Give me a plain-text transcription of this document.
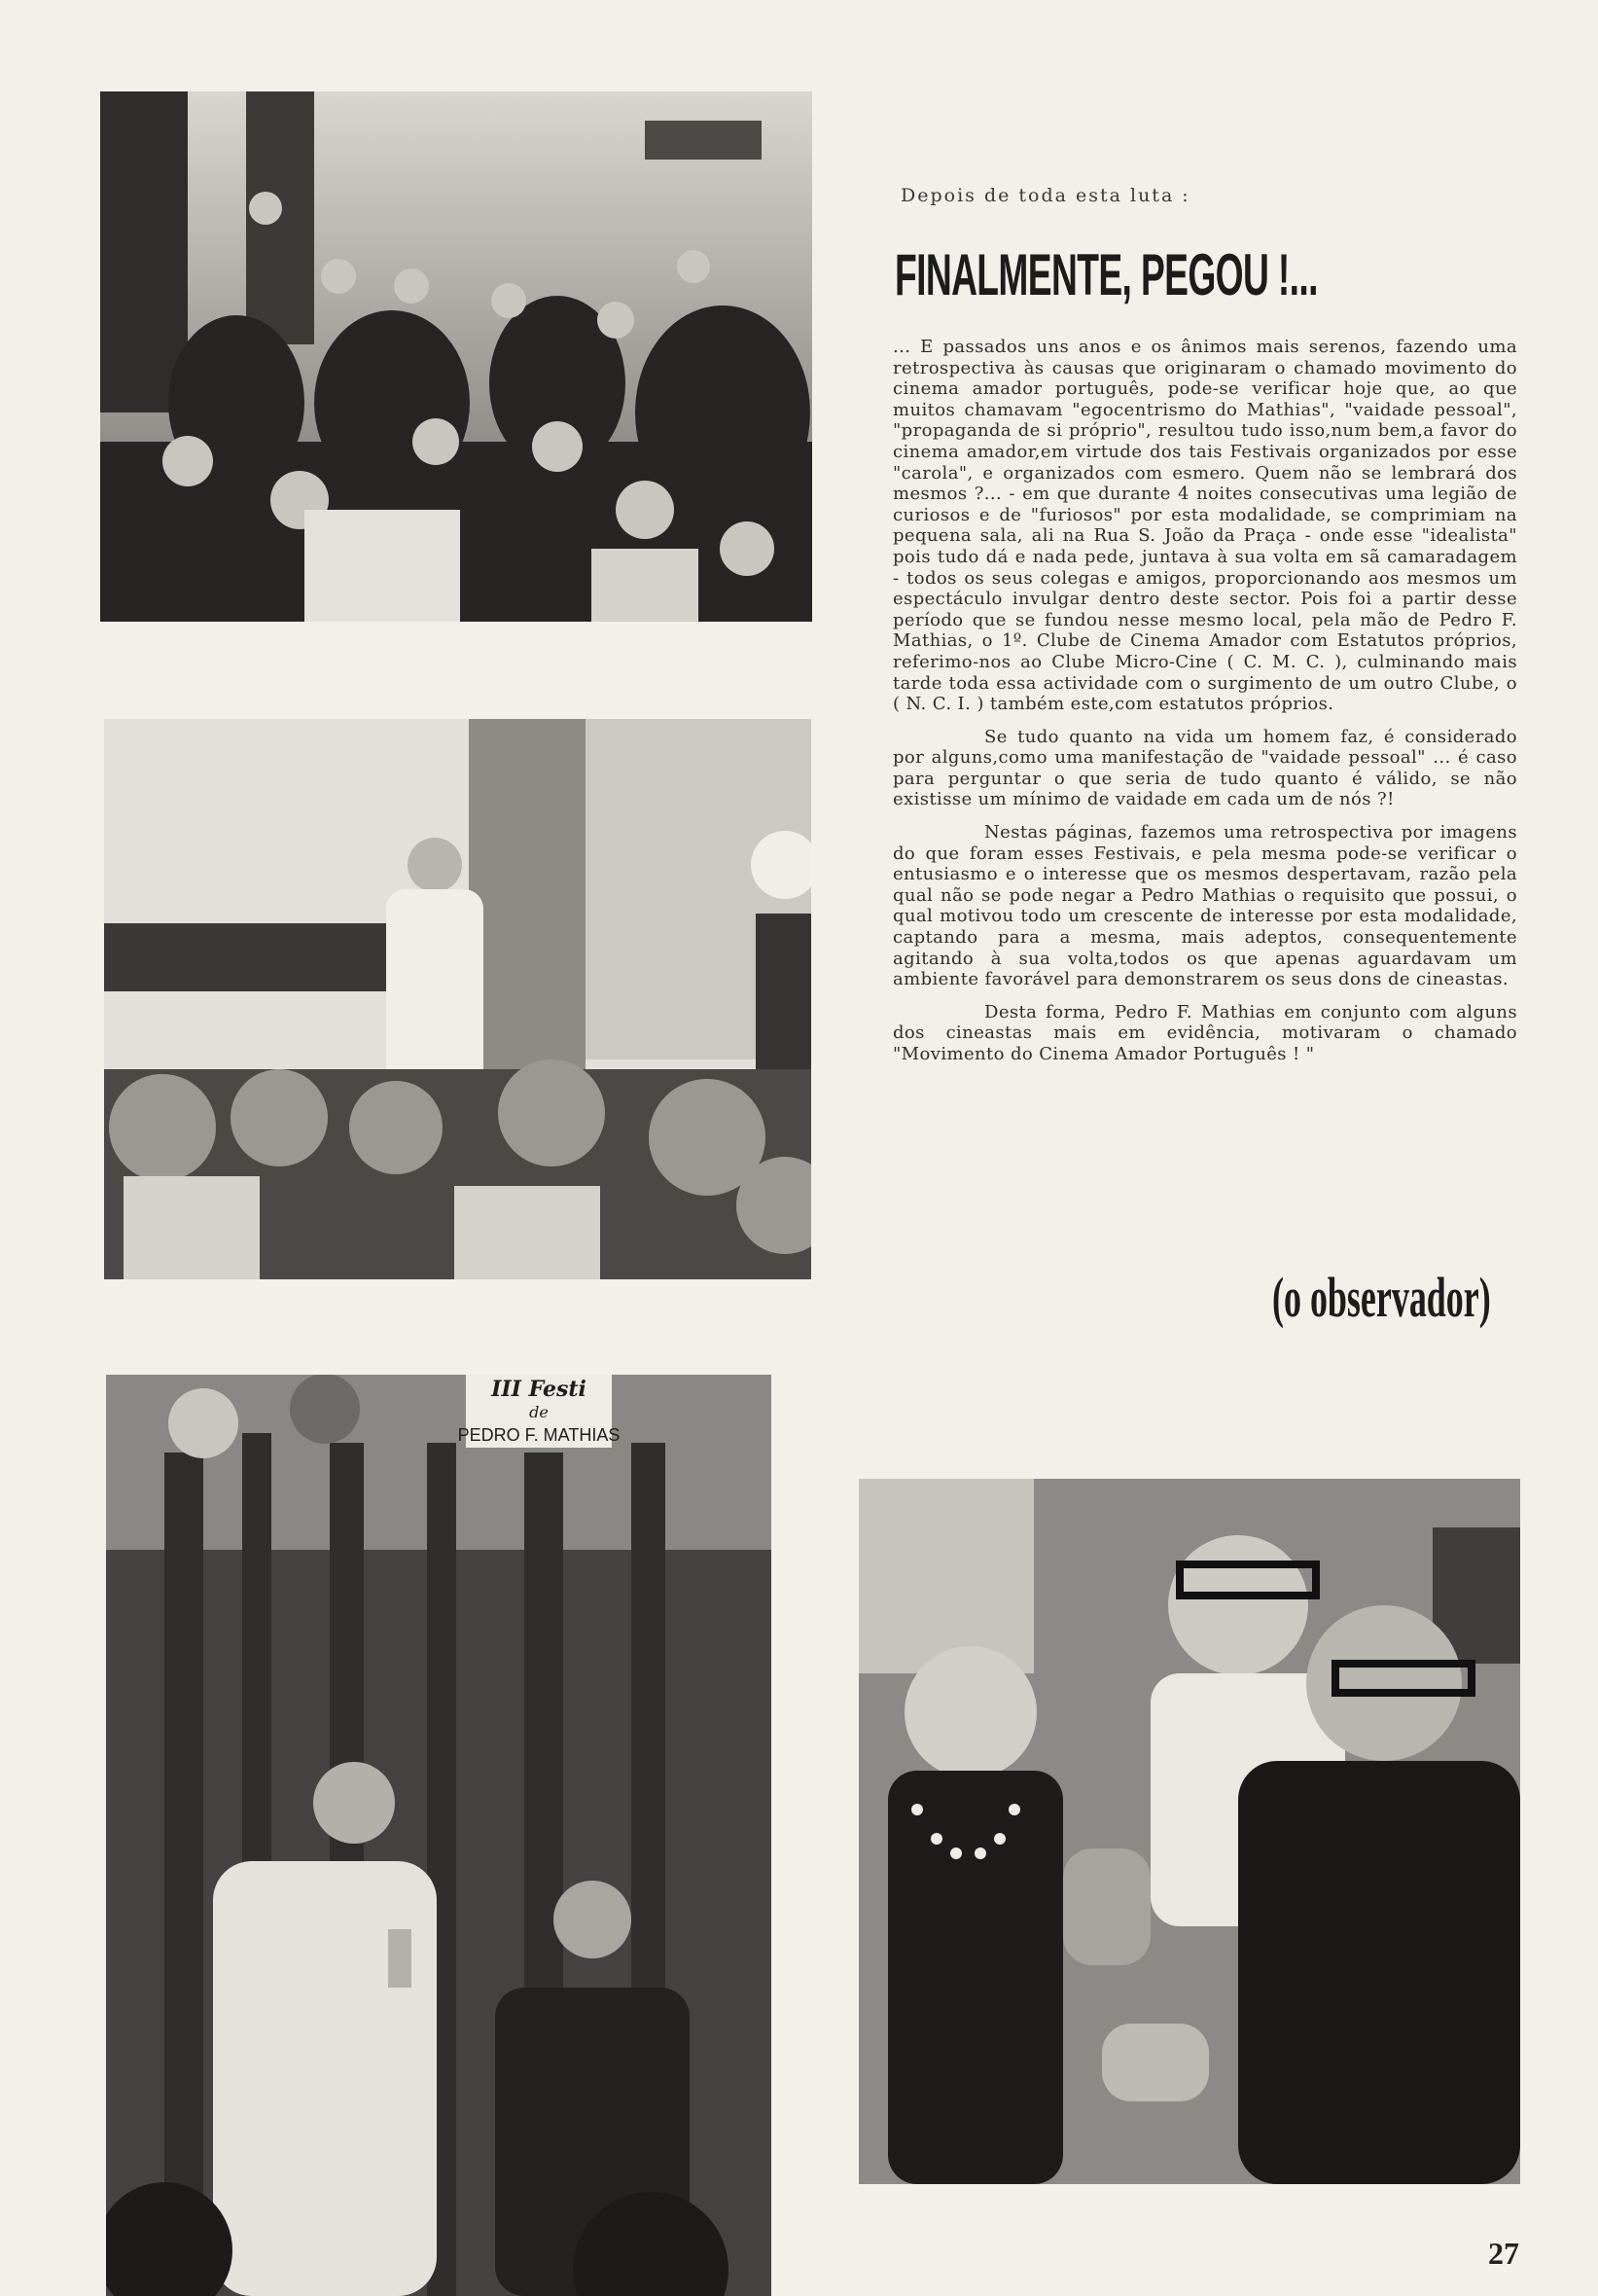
III Festi
de
PEDRO F. MATHIAS
Depois de toda esta luta :
FINALMENTE, PEGOU !...

... E passados uns anos e os ânimos mais serenos, fazendo uma retrospectiva às causas que originaram o chamado movimento do cinema amador português, pode-se verificar hoje que, ao que muitos chamavam "egocentrismo do Mathias", "vaidade pessoal", "propaganda de si próprio", resultou tudo isso,num bem,a favor do cinema amador,em virtude dos tais Festivais organizados por esse "carola", e organizados com esmero. Quem não se lembrará dos mesmos ?... - em que durante 4 noites consecutivas uma legião de curiosos e de "furiosos" por esta modalidade, se comprimiam na pequena sala, ali na Rua S. João da Praça - onde esse "idealista" pois tudo dá e nada pede, juntava à sua volta em sã camaradagem - todos os seus colegas e amigos, proporcionando aos mesmos um espectáculo invulgar dentro deste sector. Pois foi a partir desse período que se fundou nesse mesmo local, pela mão de Pedro F. Mathias, o 1º. Clube de Cinema Amador com Estatutos próprios, referimo-nos ao Clube Micro-Cine ( C. M. C. ), culminando mais tarde toda essa actividade com o surgimento de um outro Clube, o ( N. C. I. ) também este,com estatutos próprios.

Se tudo quanto na vida um homem faz, é considerado por alguns,como uma manifestação de "vaidade pessoal" ... é caso para perguntar o que seria de tudo quanto é válido, se não existisse um mínimo de vaidade em cada um de nós ?!

Nestas páginas, fazemos uma retrospectiva por imagens do que foram esses Festivais, e pela mesma pode-se verificar o entusiasmo e o interesse que os mesmos despertavam, razão pela qual não se pode negar a Pedro Mathias o requisito que possui, o qual motivou todo um crescente de interesse por esta modalidade, captando para a mesma, mais adeptos, consequentemente agitando à sua volta,todos os que apenas aguardavam um ambiente favorável para demonstrarem os seus dons de cineastas.

Desta forma, Pedro F. Mathias em conjunto com alguns dos cineastas mais em evidência, motivaram o chamado "Movimento do Cinema Amador Português ! "

(o observador)
27
